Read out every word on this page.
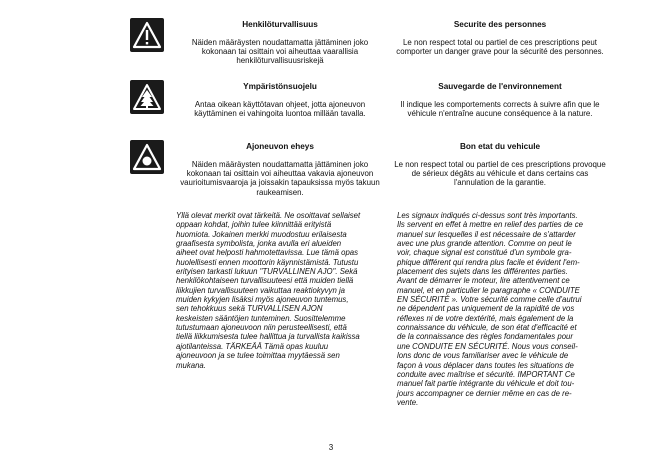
Henkilöturvallisuus

Näiden määräysten noudattamatta jättäminen joko kokonaan tai osittain voi aiheuttaa vaarallisia henkilöturvallisuusriskejä

Securite des personnes

Le non respect total ou partiel de ces prescriptions peut comporter un danger grave pour la sécurité des personnes.

Ympäristönsuojelu

Antaa oikean käyttötavan ohjeet, jotta ajoneuvon käyttäminen ei vahingoita luontoa millään tavalla.

Sauvegarde de l'environnement

Il indique les comportements corrects à suivre afin que le véhicule n'entraîne aucune conséquence à la nature.

Ajoneuvon eheys

Näiden määräysten noudattamatta jättäminen joko kokonaan tai osittain voi aiheuttaa vakavia ajoneuvon vaurioitumisvaaroja ja joissakin tapauksissa myös takuun raukeamisen.

Bon etat du vehicule

Le non respect total ou partiel de ces prescriptions provoque de sérieux dégâts au véhicule et dans certains cas l'annulation de la garantie.

Yllä olevat merkit ovat tärkeitä. Ne osoittavat sellaiset
oppaan kohdat, joihin tulee kiinnittää erityistä
huomiota. Jokainen merkki muodostuu erilaisesta
graafisesta symbolista, jonka avulla eri alueiden
aiheet ovat helposti hahmotettavissa. Lue tämä opas
huolellisesti ennen moottorin käynnistämistä. Tutustu
erityisen tarkasti lukuun "TURVALLINEN AJO". Sekä
henkilökohtaiseen turvallisuuteesi että muiden tiellä
liikkujien turvallisuuteen vaikuttaa reaktiokyvyn ja
muiden kykyjen lisäksi myös ajoneuvon tuntemus,
sen tehokkuus sekä TURVALLISEN AJON
keskeisten sääntöjen tunteminen. Suosittelemme
tutustumaan ajoneuvoon niin perusteellisesti, että
tiellä liikkumisesta tulee hallittua ja turvallista kaikissa
ajotilanteissa. TÄRKEÄÄ Tämä opas kuuluu
ajoneuvoon ja se tulee toimittaa myytäessä sen
mukana.

Les signaux indiqués ci-dessus sont très importants.
Ils servent en effet à mettre en relief des parties de ce
manuel sur lesquelles il est nécessaire de s'attarder
avec une plus grande attention. Comme on peut le
voir, chaque signal est constitué d'un symbole gra-
phique différent qui rendra plus facile et évident l'em-
placement des sujets dans les différentes parties.
Avant de démarrer le moteur, lire attentivement ce
manuel, et en particulier le paragraphe « CONDUITE
EN SÉCURITÉ ». Votre sécurité comme celle d'autrui
ne dépendent pas uniquement de la rapidité de vos
réflexes ni de votre dextérité, mais également de la
connaissance du véhicule, de son état d'efficacité et
de la connaissance des règles fondamentales pour
une CONDUITE EN SÉCURITÉ. Nous vous conseil-
lons donc de vous familiariser avec le véhicule de
façon à vous déplacer dans toutes les situations de
conduite avec maîtrise et sécurité. IMPORTANT Ce
manuel fait partie intégrante du véhicule et doit tou-
jours accompagner ce dernier même en cas de re-
vente.

3
